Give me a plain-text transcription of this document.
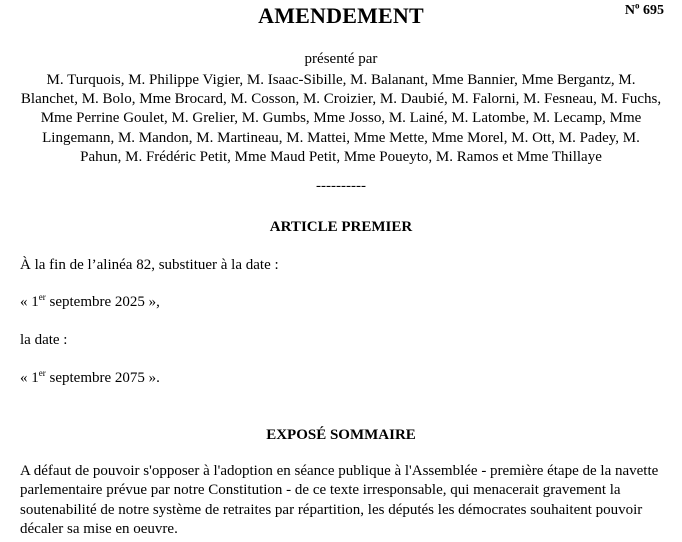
AMENDEMENT	$N^o$ 695
présenté par
M. Turquois, M. Philippe Vigier, M. Isaac-Sibille, M. Balanant, Mme Bannier, Mme Bergantz, M. Blanchet, M. Bolo, Mme Brocard, M. Cosson, M. Croizier, M. Daubié, M. Falorni, M. Fesneau, M. Fuchs, Mme Perrine Goulet, M. Grelier, M. Gumbs, Mme Josso, M. Lainé, M. Latombe, M. Lecamp, Mme Lingemann, M. Mandon, M. Martineau, M. Mattei, Mme Mette, Mme Morel, M. Ott, M. Padey, M. Pahun, M. Frédéric Petit, Mme Maud Petit, Mme Poueyto, M. Ramos et Mme Thillaye
----------
ARTICLE PREMIER
À la fin de l’alinéa 82, substituer à la date :
« 1er septembre 2025 »,
la date :
« 1er septembre 2075 ».
EXPOSÉ SOMMAIRE
A défaut de pouvoir s'opposer à l'adoption en séance publique à l'Assemblée - première étape de la navette parlementaire prévue par notre Constitution - de ce texte irresponsable, qui menacerait gravement la soutenabilité de notre système de retraites par répartition, les députés les démocrates souhaitent pouvoir décaler sa mise en oeuvre.
